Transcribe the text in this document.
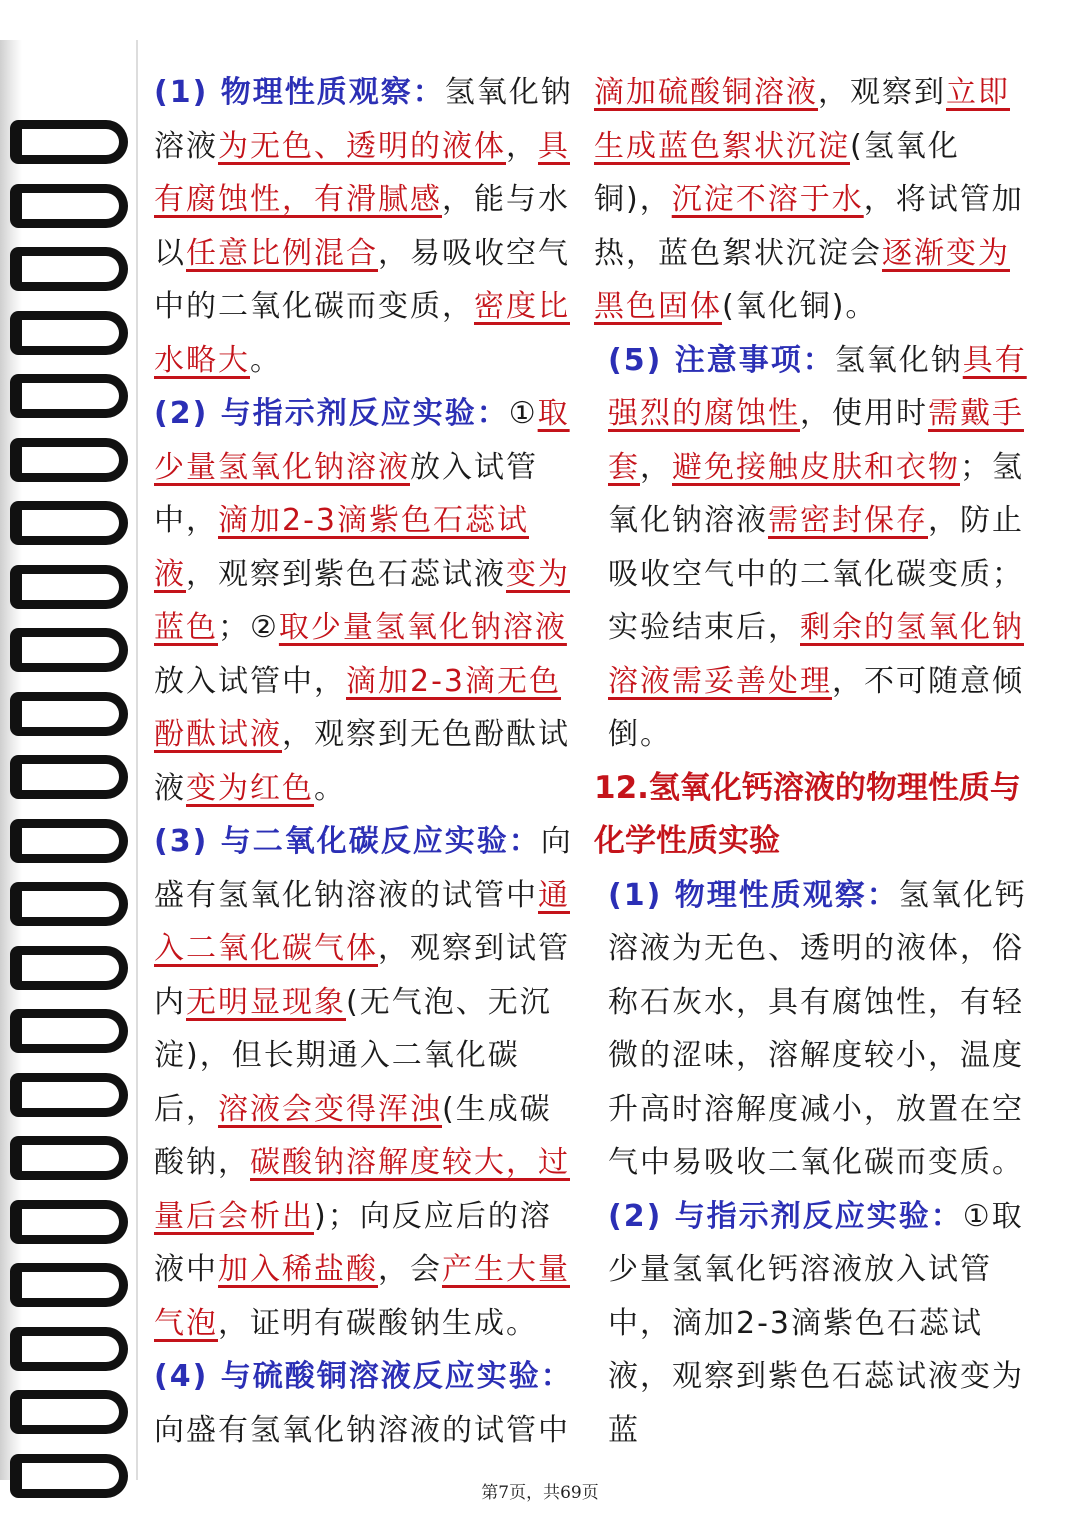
(1) 物理性质观察：氢氧化钠溶液为无色、透明的液体，具有腐蚀性，有滑腻感，能与水以任意比例混合，易吸收空气中的二氧化碳而变质，密度比水略大。

(2) 与指示剂反应实验：①取少量氢氧化钠溶液放入试管中，滴加2-3滴紫色石蕊试液，观察到紫色石蕊试液变为蓝色；②取少量氢氧化钠溶液放入试管中，滴加2-3滴无色酚酞试液，观察到无色酚酞试液变为红色。

(3) 与二氧化碳反应实验：向盛有氢氧化钠溶液的试管中通入二氧化碳气体，观察到试管内无明显现象(无气泡、无沉淀)，但长期通入二氧化碳后，溶液会变得浑浊(生成碳酸钠，碳酸钠溶解度较大，过量后会析出)；向反应后的溶液中加入稀盐酸，会产生大量气泡，证明有碳酸钠生成。

(4) 与硫酸铜溶液反应实验：向盛有氢氧化钠溶液的试管中

滴加硫酸铜溶液，观察到立即生成蓝色絮状沉淀(氢氧化铜)，沉淀不溶于水，将试管加热，蓝色絮状沉淀会逐渐变为黑色固体(氧化铜)。

(5) 注意事项：氢氧化钠具有强烈的腐蚀性，使用时需戴手套，避免接触皮肤和衣物；氢氧化钠溶液需密封保存，防止吸收空气中的二氧化碳变质；实验结束后，剩余的氢氧化钠溶液需妥善处理，不可随意倾倒。

12.氢氧化钙溶液的物理性质与化学性质实验

(1) 物理性质观察：氢氧化钙溶液为无色、透明的液体，俗称石灰水，具有腐蚀性，有轻微的涩味，溶解度较小，温度升高时溶解度减小，放置在空气中易吸收二氧化碳而变质。

(2) 与指示剂反应实验：①取少量氢氧化钙溶液放入试管中，滴加2-3滴紫色石蕊试液，观察到紫色石蕊试液变为蓝

第7页，共69页
